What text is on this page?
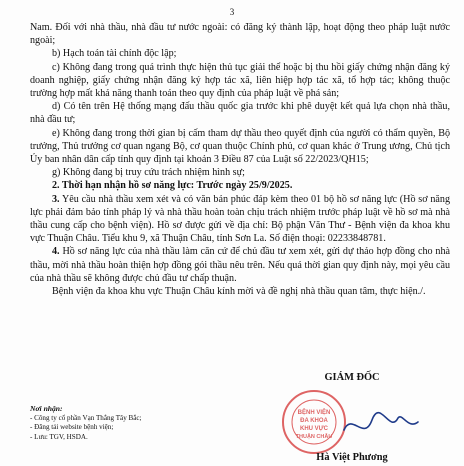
3

Nam. Đối với nhà thầu, nhà đầu tư nước ngoài: có đăng ký thành lập, hoạt động theo pháp luật nước ngoài;

b) Hạch toán tài chính độc lập;

c) Không đang trong quá trình thực hiện thủ tục giải thể hoặc bị thu hồi giấy chứng nhận đăng ký doanh nghiệp, giấy chứng nhận đăng ký hợp tác xã, liên hiệp hợp tác xã, tổ hợp tác; không thuộc trường hợp mất khả năng thanh toán theo quy định của pháp luật về phá sản;

d) Có tên trên Hệ thống mạng đấu thầu quốc gia trước khi phê duyệt kết quả lựa chọn nhà thầu, nhà đầu tư;

e) Không đang trong thời gian bị cấm tham dự thầu theo quyết định của người có thẩm quyền, Bộ trưởng, Thủ trưởng cơ quan ngang Bộ, cơ quan thuộc Chính phủ, cơ quan khác ở Trung ương, Chủ tịch Ủy ban nhân dân cấp tỉnh quy định tại khoản 3 Điều 87 của Luật số 22/2023/QH15;

g) Không đang bị truy cứu trách nhiệm hình sự;

2. Thời hạn nhận hồ sơ năng lực: Trước ngày 25/9/2025.

3. Yêu cầu nhà thầu xem xét và có văn bản phúc đáp kèm theo 01 bộ hồ sơ năng lực (Hồ sơ năng lực phải đảm bảo tính pháp lý và nhà thầu hoàn toàn chịu trách nhiệm trước pháp luật về hồ sơ mà nhà thầu cung cấp cho bệnh viện). Hồ sơ được gửi về địa chỉ: Bộ phận Văn Thư - Bệnh viện đa khoa khu vực Thuận Châu. Tiểu khu 9, xã Thuận Châu, tỉnh Sơn La. Số điện thoại: 02233848781.

4. Hồ sơ năng lực của nhà thầu làm căn cứ để chủ đầu tư xem xét, gửi dự thảo hợp đồng cho nhà thầu, mời nhà thầu hoàn thiện hợp đồng gói thầu nêu trên. Nếu quá thời gian quy định này, mọi yêu cầu của nhà thầu sẽ không được chủ đầu tư chấp thuận.

Bệnh viện đa khoa khu vực Thuận Châu kính mời và đề nghị nhà thầu quan tâm, thực hiện./.

Nơi nhận:
- Công ty cổ phần Vạn Thắng Tây Bắc;
- Đăng tải website bệnh viện;
- Lưu: TGV, HSDA.
BỆNH VIỆN
ĐA KHOA
KHU VỰC
THUẬN CHÂU
GIÁM ĐỐC
Hà Việt Phương
